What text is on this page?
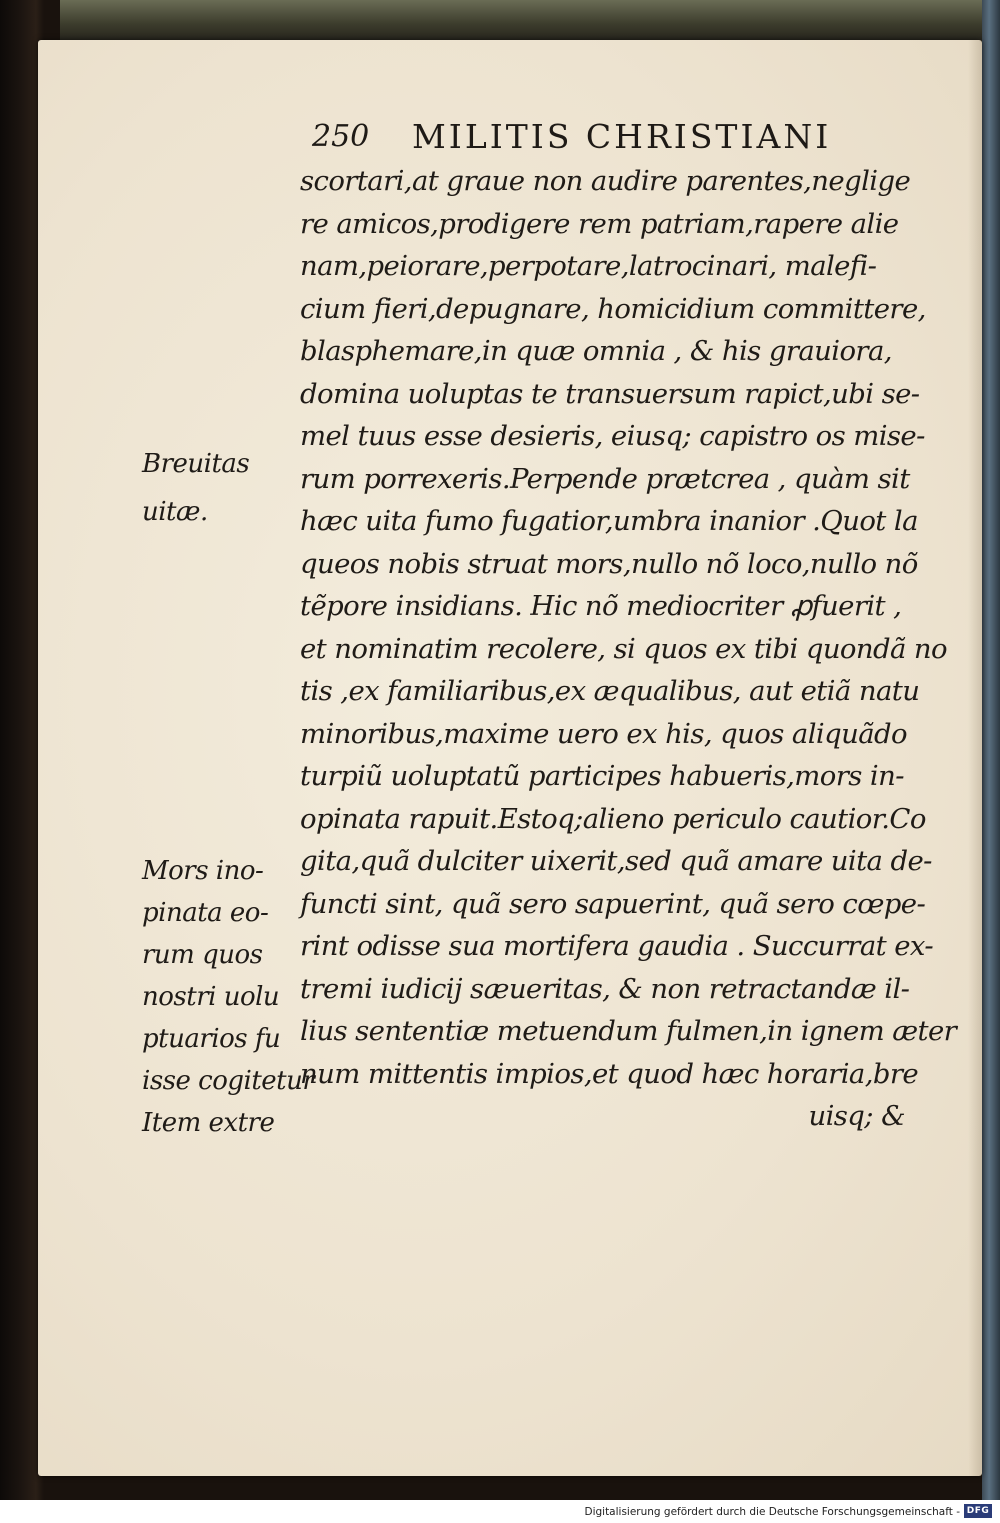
250 MILITIS CHRISTIANI
scortari,at graue non audire parentes,neglige
re amicos,prodigere rem patriam,rapere alie
nam,peiorare,perpotare,latrocinari, malefi-
cium fieri,depugnare, homicidium committere,
blasphemare,in quæ omnia , & his grauiora,
domina uoluptas te transuersum rapict,ubi se-
mel tuus esse desieris, eiusq; capistro os mise-
rum porrexeris.Perpende prætcrea , quàm sit
hæc uita fumo fugatior,umbra inanior .Quot la
queos nobis struat mors,nullo nõ loco,nullo nõ
tẽpore insidians. Hic nõ mediocriter ꝓfuerit ,
et nominatim recolere, si quos ex tibi quondã no
tis ,ex familiaribus,ex æqualibus, aut etiã natu
minoribus,maxime uero ex his, quos aliquãdo
turpiũ uoluptatũ participes habueris,mors in-
opinata rapuit.Estoq;alieno periculo cautior.Co
gita,quã dulciter uixerit,sed quã amare uita de-
functi sint, quã sero sapuerint, quã sero cœpe-
rint odisse sua mortifera gaudia . Succurrat ex-
tremi iudicij sæueritas, & non retractandæ il-
lius sententiæ metuendum fulmen,in ignem æter
num mittentis impios,et quod hæc horaria,bre
uisq; &
Breuitas
uitæ.
Mors ino-
pinata eo-
rum quos
nostri uolu
ptuarios fu
isse cogitetur
Item extre
Digitalisierung gefördert durch die Deutsche Forschungsgemeinschaft - DFG
